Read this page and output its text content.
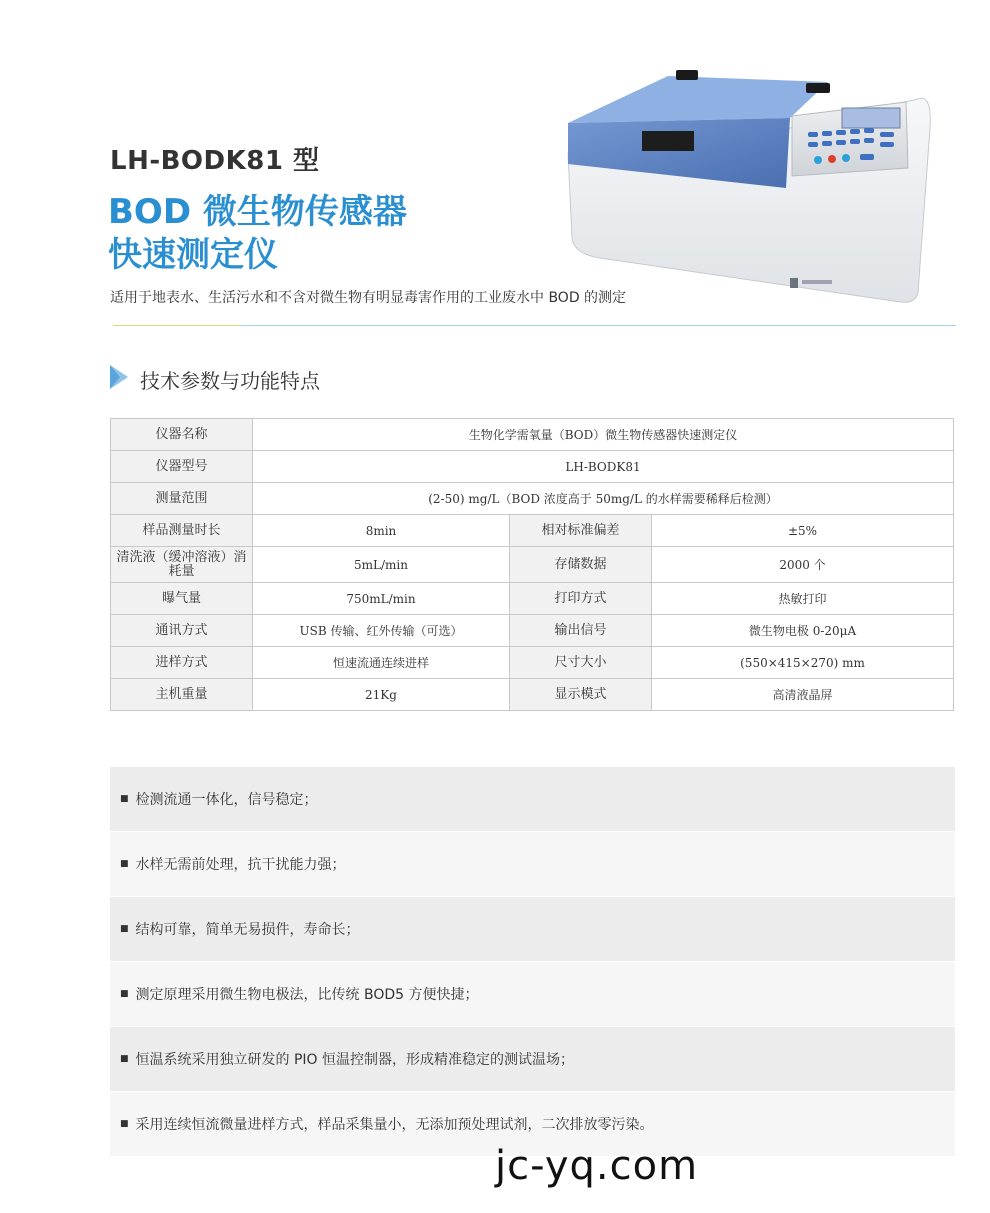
LH-BODK81 型
BOD 微生物传感器
快速测定仪
适用于地表水、生活污水和不含对微生物有明显毒害作用的工业废水中 BOD 的测定
技术参数与功能特点
仪器名称	生物化学需氧量（BOD）微生物传感器快速测定仪		
仪器型号	LH-BODK81		
测量范围	(2-50) mg/L（BOD 浓度高于 50mg/L 的水样需要稀释后检测）		
样品测量时长	8min	相对标准偏差	±5%
清洗液（缓冲溶液）消耗量	5mL/min	存储数据	2000 个
曝气量	750mL/min	打印方式	热敏打印
通讯方式	USB 传输、红外传输（可选）	输出信号	微生物电极 0-20μA
进样方式	恒速流通连续进样	尺寸大小	(550×415×270) mm
主机重量	21Kg	显示模式	高清液晶屏
■ 检测流通一体化，信号稳定；
■ 水样无需前处理，抗干扰能力强；
■ 结构可靠，简单无易损件，寿命长；
■ 测定原理采用微生物电极法，比传统 BOD5 方便快捷；
■ 恒温系统采用独立研发的 PIO 恒温控制器，形成精准稳定的测试温场；
■ 采用连续恒流微量进样方式，样品采集量小，无添加预处理试剂，二次排放零污染。
jc-yq.com
